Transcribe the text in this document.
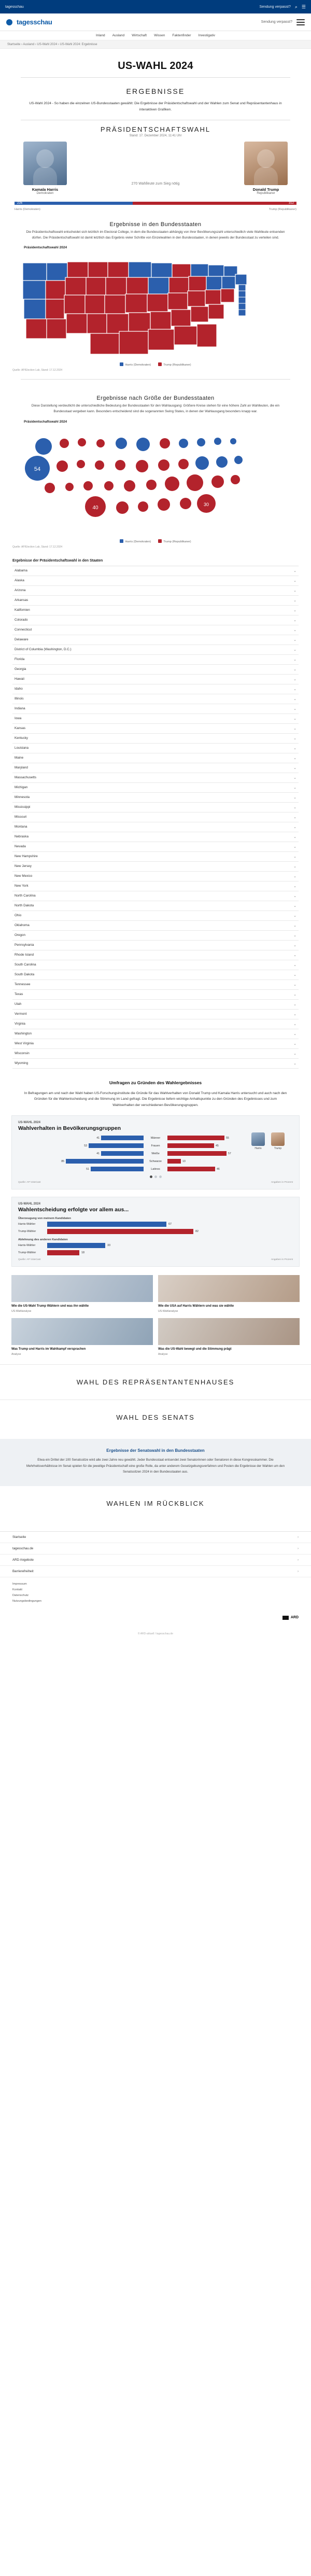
tagesschau	Sendung verpasst? ⌕ ☰
tagesschau	Sendung verpasst?
Inland Ausland Wirtschaft Wissen Faktenfinder Investigativ
Startseite › Ausland › US-Wahl 2024 › US-Wahl 2024: Ergebnisse
US-WAHL 2024
ERGEBNISSE

US-Wahl 2024 - So haben die einzelnen US-Bundesstaaten gewählt: Die Ergebnisse der Präsidentschaftswahl und der Wahlen zum Senat und Repräsentantenhaus in interaktiven Grafiken.

PRÄSIDENTSCHAFTSWAHL
Stand: 17. Dezember 2024, 11:41 Uhr
Kamala Harris
Demokraten
270 Wahlleute zum Sieg nötig
Donald Trump
Republikaner
226	312
Harris (Demokraten)	Trump (Republikaner)
Ergebnisse in den Bundesstaaten

Die Präsidentschaftswahl entscheidet sich letztlich im Electoral College, in dem die Bundesstaaten abhängig von ihrer Bevölkerungszahl unterschiedlich viele Wahlleute entsenden dürfen. Die Präsidentschaftswahl ist damit letztlich das Ergebnis vieler Schritte von Einzelwahlen in den Bundesstaaten, in denen jeweils der Bundesstaat zu verteilen sind.

Präsidentschaftswahl 2024
Harris (Demokraten)	Trump (Republikaner)
Quelle: AP/Election Lab, Stand: 17.12.2024
Ergebnisse nach Größe der Bundesstaaten

Diese Darstellung verdeutlicht die unterschiedliche Bedeutung der Bundesstaaten für den Wahlausgang: Größere Kreise stehen für eine höhere Zahl an Wahlleuten, die ein Bundesstaat vergeben kann. Besonders entscheidend sind die sogenannten Swing States, in denen der Wahlausgang besonders knapp war.

Präsidentschaftswahl 2024
54
40
30
Harris (Demokraten)	Trump (Republikaner)
Quelle: AP/Election Lab, Stand: 17.12.2024
Ergebnisse der Präsidentschaftswahl in den Staaten
Alabama	⌄
Alaska	⌄
Arizona	⌄
Arkansas	⌄
Kalifornien	⌄
Colorado	⌄
Connecticut	⌄
Delaware	⌄
District of Columbia (Washington, D.C.)	⌄
Florida	⌄
Georgia	⌄
Hawaii	⌄
Idaho	⌄
Illinois	⌄
Indiana	⌄
Iowa	⌄
Kansas	⌄
Kentucky	⌄
Louisiana	⌄
Maine	⌄
Maryland	⌄
Massachusetts	⌄
Michigan	⌄
Minnesota	⌄
Mississippi	⌄
Missouri	⌄
Montana	⌄
Nebraska	⌄
Nevada	⌄
New Hampshire	⌄
New Jersey	⌄
New Mexico	⌄
New York	⌄
North Carolina	⌄
North Dakota	⌄
Ohio	⌄
Oklahoma	⌄
Oregon	⌄
Pennsylvania	⌄
Rhode Island	⌄
South Carolina	⌄
South Dakota	⌄
Tennessee	⌄
Texas	⌄
Utah	⌄
Vermont	⌄
Virginia	⌄
Washington	⌄
West Virginia	⌄
Wisconsin	⌄
Wyoming	⌄
Umfragen zu Gründen des Wahlergebnisses

In Befragungen am und nach der Wahl haben US-Forschungsinstitute die Gründe für das Wahlverhalten von Donald Trump und Kamala Harris untersucht und auch nach den Gründen für die Wahlentscheidung und die Stimmung im Land gefragt. Die Ergebnisse liefern wichtige Anhaltspunkte zu den Gründen des Ergebnisses und zum Wahlverhalten der verschiedenen Bevölkerungsgruppen.

US-WAHL 2024
Wahlverhalten in Bevölkerungsgruppen
Harris	Trump
41	Männer	55
53	Frauen	45
41	Weiße	57
85	Schwarze	13
51	Latinos	46
Quelle: AP VoteCast	Angaben in Prozent
US-WAHL 2024
Wahlentscheidung erfolgte vor allem aus...
Überzeugung von meinem Kandidaten
Harris-Wähler	67
Trump-Wähler	82
Ablehnung des anderen Kandidaten
Harris-Wähler	33
Trump-Wähler	18
Quelle: AP VoteCast	Angaben in Prozent
Wie die US-Wahl Trump Wählern und was ihn wählte
US-Wahlanalyse
Wie die USA auf Harris Wählern und was sie wählte
US-Wahlanalyse
Was Trump und Harris im Wahlkampf versprachen
Analyse
Was die US-Wahl bewegt und die Stimmung prägt
Analyse
WAHL DES REPRÄSENTANTENHAUSES
WAHL DES SENATS
Ergebnisse der Senatswahl in den Bundesstaaten

Etwa ein Drittel der 100 Senatssitze wird alle zwei Jahre neu gewählt. Jeder Bundesstaat entsendet zwei Senatorinnen oder Senatoren in diese Kongresskammer. Die Mehrheitsverhältnisse im Senat spielen für die jeweilige Präsidentschaft eine große Rolle, da unter anderem Gesetzgebungsverfahren und Posten die Ergebnisse der Wahlen um den Senatssitzen 2024 in den Bundesstaaten aus.

WAHLEN IM RÜCKBLICK
Startseite	›
tagesschau.de	›
ARD Angebote	›
Barrierefreiheit	›
Impressum
Kontakt
Datenschutz
Nutzungsbedingungen
ARD
© ARD-aktuell / tagesschau.de
